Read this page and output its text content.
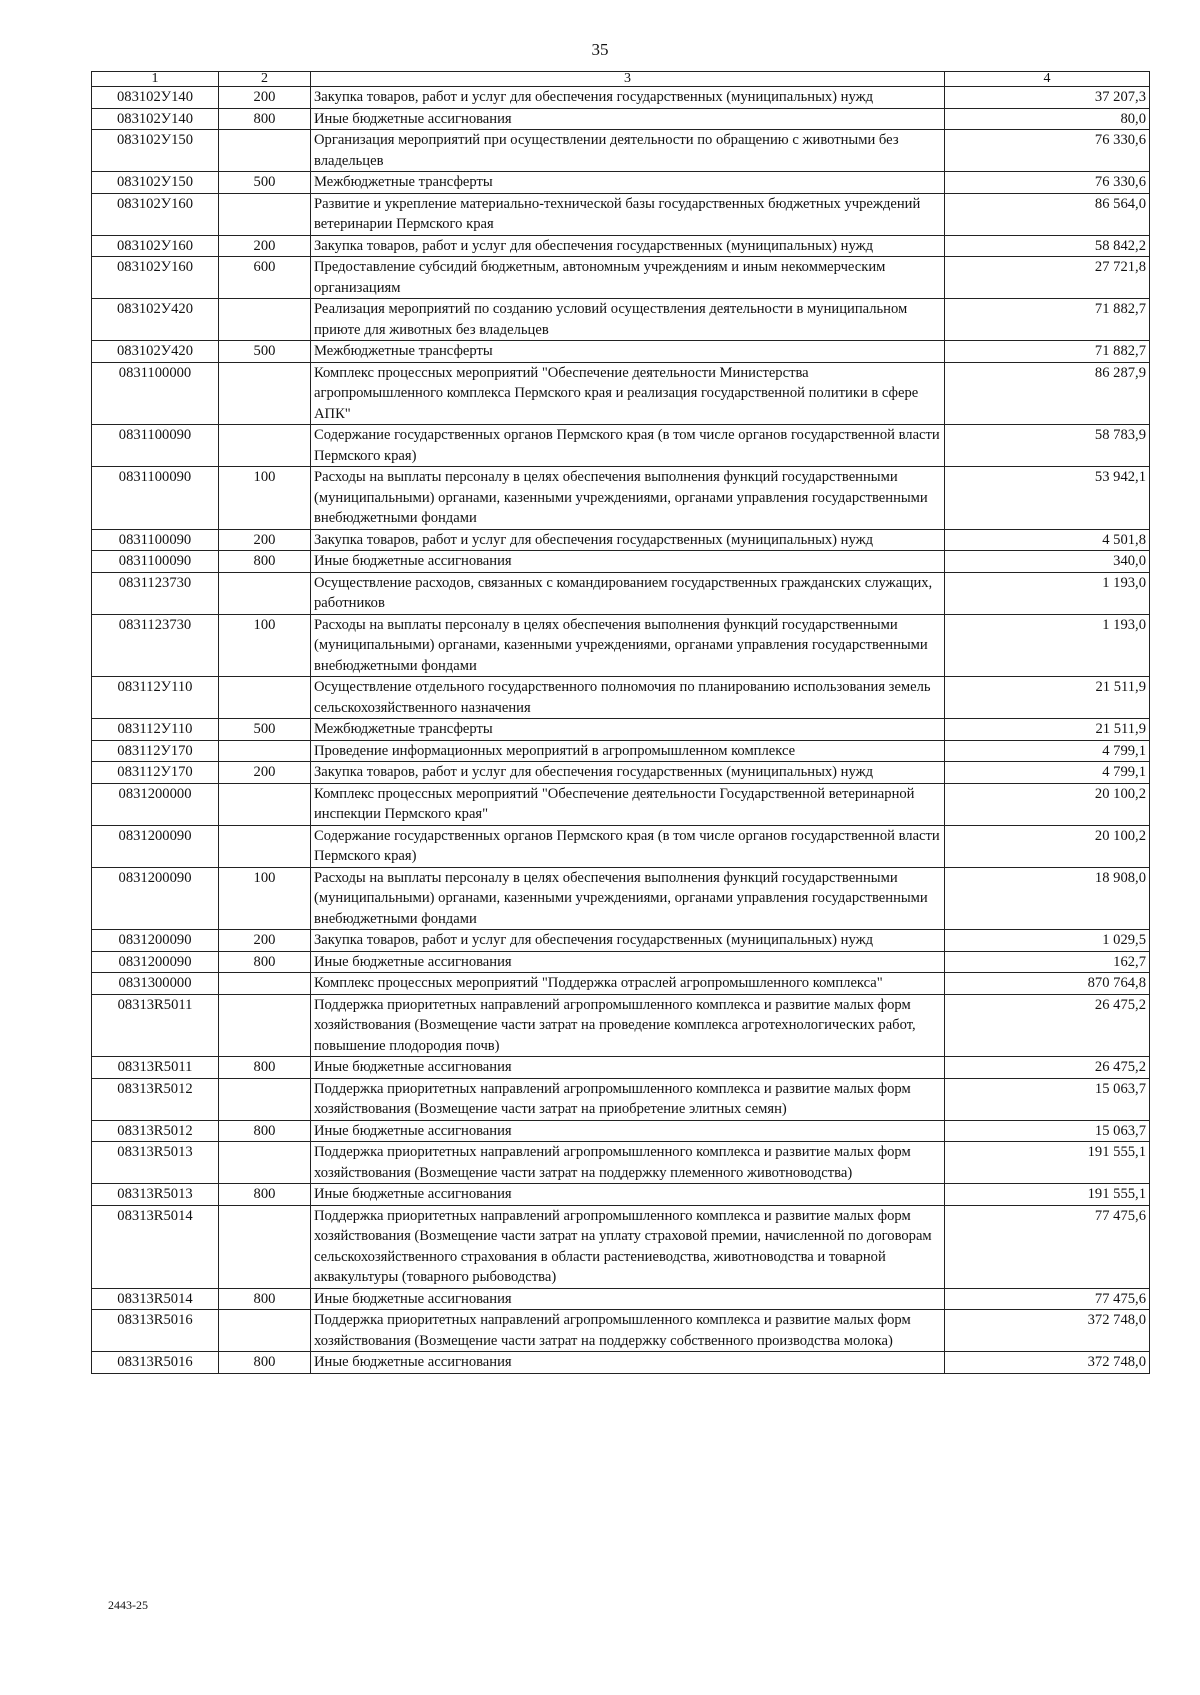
35
1	2	3	4
083102У140	200	Закупка товаров, работ и услуг для обеспечения государственных (муниципальных) нужд	37 207,3
083102У140	800	Иные бюджетные ассигнования	80,0
083102У150		Организация мероприятий при осуществлении деятельности по обращению с животными без владельцев	76 330,6
083102У150	500	Межбюджетные трансферты	76 330,6
083102У160		Развитие и укрепление материально-технической базы государственных бюджетных учреждений ветеринарии Пермского края	86 564,0
083102У160	200	Закупка товаров, работ и услуг для обеспечения государственных (муниципальных) нужд	58 842,2
083102У160	600	Предоставление субсидий бюджетным, автономным учреждениям и иным некоммерческим организациям	27 721,8
083102У420		Реализация мероприятий по созданию условий осуществления деятельности в муниципальном приюте для животных без владельцев	71 882,7
083102У420	500	Межбюджетные трансферты	71 882,7
0831100000		Комплекс процессных мероприятий "Обеспечение деятельности Министерства агропромышленного комплекса Пермского края и реализация государственной политики в сфере АПК"	86 287,9
0831100090		Содержание государственных органов Пермского края (в том числе органов государственной власти Пермского края)	58 783,9
0831100090	100	Расходы на выплаты персоналу в целях обеспечения выполнения функций государственными (муниципальными) органами, казенными учреждениями, органами управления государственными внебюджетными фондами	53 942,1
0831100090	200	Закупка товаров, работ и услуг для обеспечения государственных (муниципальных) нужд	4 501,8
0831100090	800	Иные бюджетные ассигнования	340,0
0831123730		Осуществление расходов, связанных с командированием государственных гражданских служащих, работников	1 193,0
0831123730	100	Расходы на выплаты персоналу в целях обеспечения выполнения функций государственными (муниципальными) органами, казенными учреждениями, органами управления государственными внебюджетными фондами	1 193,0
083112У110		Осуществление отдельного государственного полномочия по планированию использования земель сельскохозяйственного назначения	21 511,9
083112У110	500	Межбюджетные трансферты	21 511,9
083112У170		Проведение информационных мероприятий в агропромышленном комплексе	4 799,1
083112У170	200	Закупка товаров, работ и услуг для обеспечения государственных (муниципальных) нужд	4 799,1
0831200000		Комплекс процессных мероприятий "Обеспечение деятельности Государственной ветеринарной инспекции Пермского края"	20 100,2
0831200090		Содержание государственных органов Пермского края (в том числе органов государственной власти Пермского края)	20 100,2
0831200090	100	Расходы на выплаты персоналу в целях обеспечения выполнения функций государственными (муниципальными) органами, казенными учреждениями, органами управления государственными внебюджетными фондами	18 908,0
0831200090	200	Закупка товаров, работ и услуг для обеспечения государственных (муниципальных) нужд	1 029,5
0831200090	800	Иные бюджетные ассигнования	162,7
0831300000		Комплекс процессных мероприятий "Поддержка отраслей агропромышленного комплекса"	870 764,8
08313R5011		Поддержка приоритетных направлений агропромышленного комплекса и развитие малых форм хозяйствования (Возмещение части затрат на проведение комплекса агротехнологических работ, повышение плодородия почв)	26 475,2
08313R5011	800	Иные бюджетные ассигнования	26 475,2
08313R5012		Поддержка приоритетных направлений агропромышленного комплекса и развитие малых форм хозяйствования (Возмещение части затрат на приобретение элитных семян)	15 063,7
08313R5012	800	Иные бюджетные ассигнования	15 063,7
08313R5013		Поддержка приоритетных направлений агропромышленного комплекса и развитие малых форм хозяйствования (Возмещение части затрат на поддержку племенного животноводства)	191 555,1
08313R5013	800	Иные бюджетные ассигнования	191 555,1
08313R5014		Поддержка приоритетных направлений агропромышленного комплекса и развитие малых форм хозяйствования (Возмещение части затрат на уплату страховой премии, начисленной по договорам сельскохозяйственного страхования в области растениеводства, животноводства и товарной аквакультуры (товарного рыбоводства)	77 475,6
08313R5014	800	Иные бюджетные ассигнования	77 475,6
08313R5016		Поддержка приоритетных направлений агропромышленного комплекса и развитие малых форм хозяйствования (Возмещение части затрат на поддержку собственного производства молока)	372 748,0
08313R5016	800	Иные бюджетные ассигнования	372 748,0
2443-25
